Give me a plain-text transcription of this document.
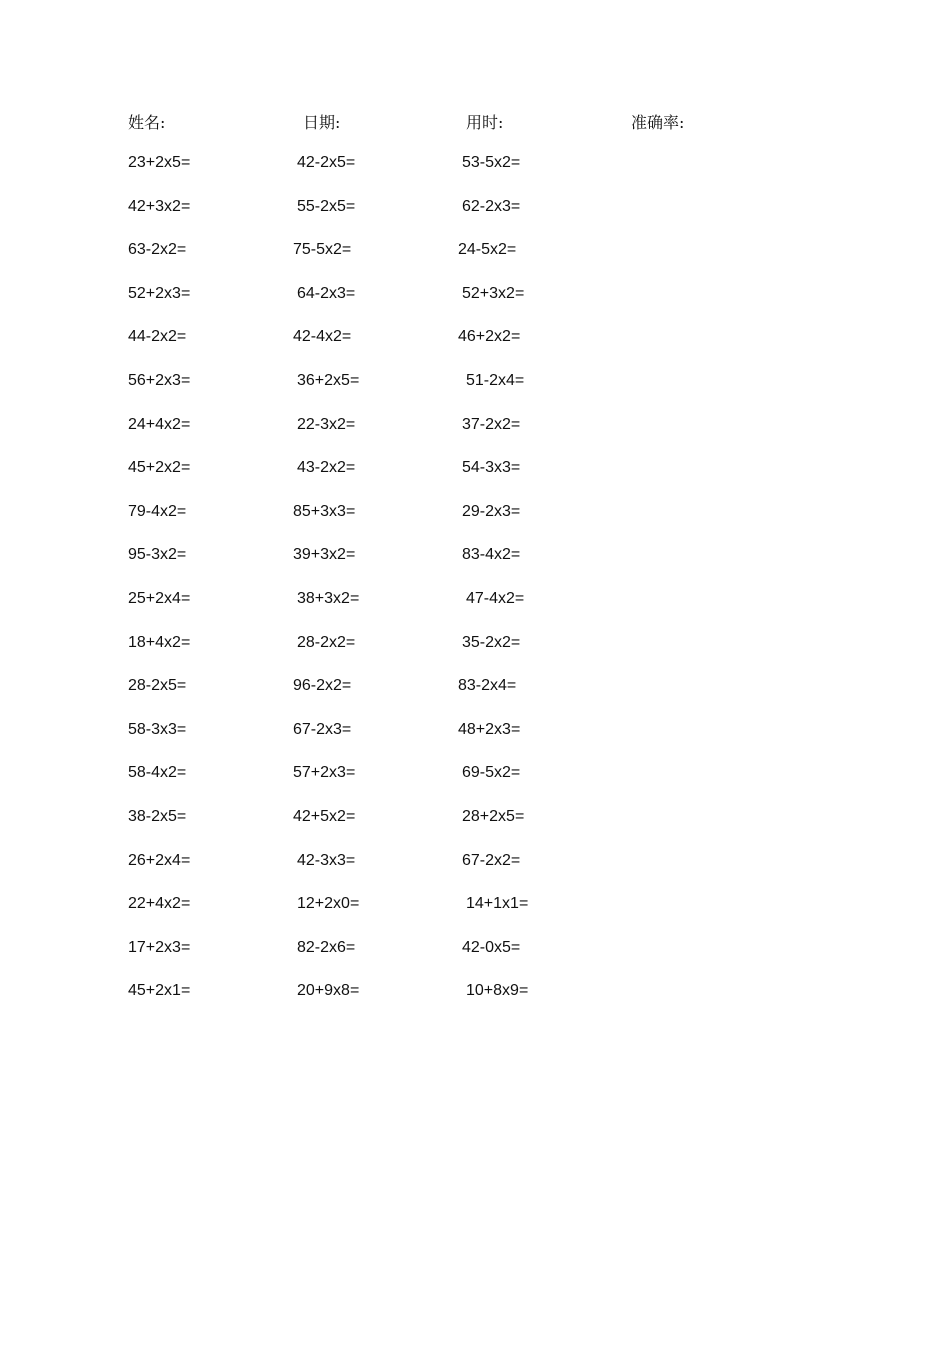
姓名:	日期:	用时:	准确率:
23+2x5=	42-2x5=	53-5x2=
42+3x2=	55-2x5=	62-2x3=
63-2x2=	75-5x2=	24-5x2=
52+2x3=	64-2x3=	52+3x2=
44-2x2=	42-4x2=	46+2x2=
56+2x3=	36+2x5=	51-2x4=
24+4x2=	22-3x2=	37-2x2=
45+2x2=	43-2x2=	54-3x3=
79-4x2=	85+3x3=	29-2x3=
95-3x2=	39+3x2=	83-4x2=
25+2x4=	38+3x2=	47-4x2=
18+4x2=	28-2x2=	35-2x2=
28-2x5=	96-2x2=	83-2x4=
58-3x3=	67-2x3=	48+2x3=
58-4x2=	57+2x3=	69-5x2=
38-2x5=	42+5x2=	28+2x5=
26+2x4=	42-3x3=	67-2x2=
22+4x2=	12+2x0=	14+1x1=
17+2x3=	82-2x6=	42-0x5=
45+2x1=	20+9x8=	10+8x9=
